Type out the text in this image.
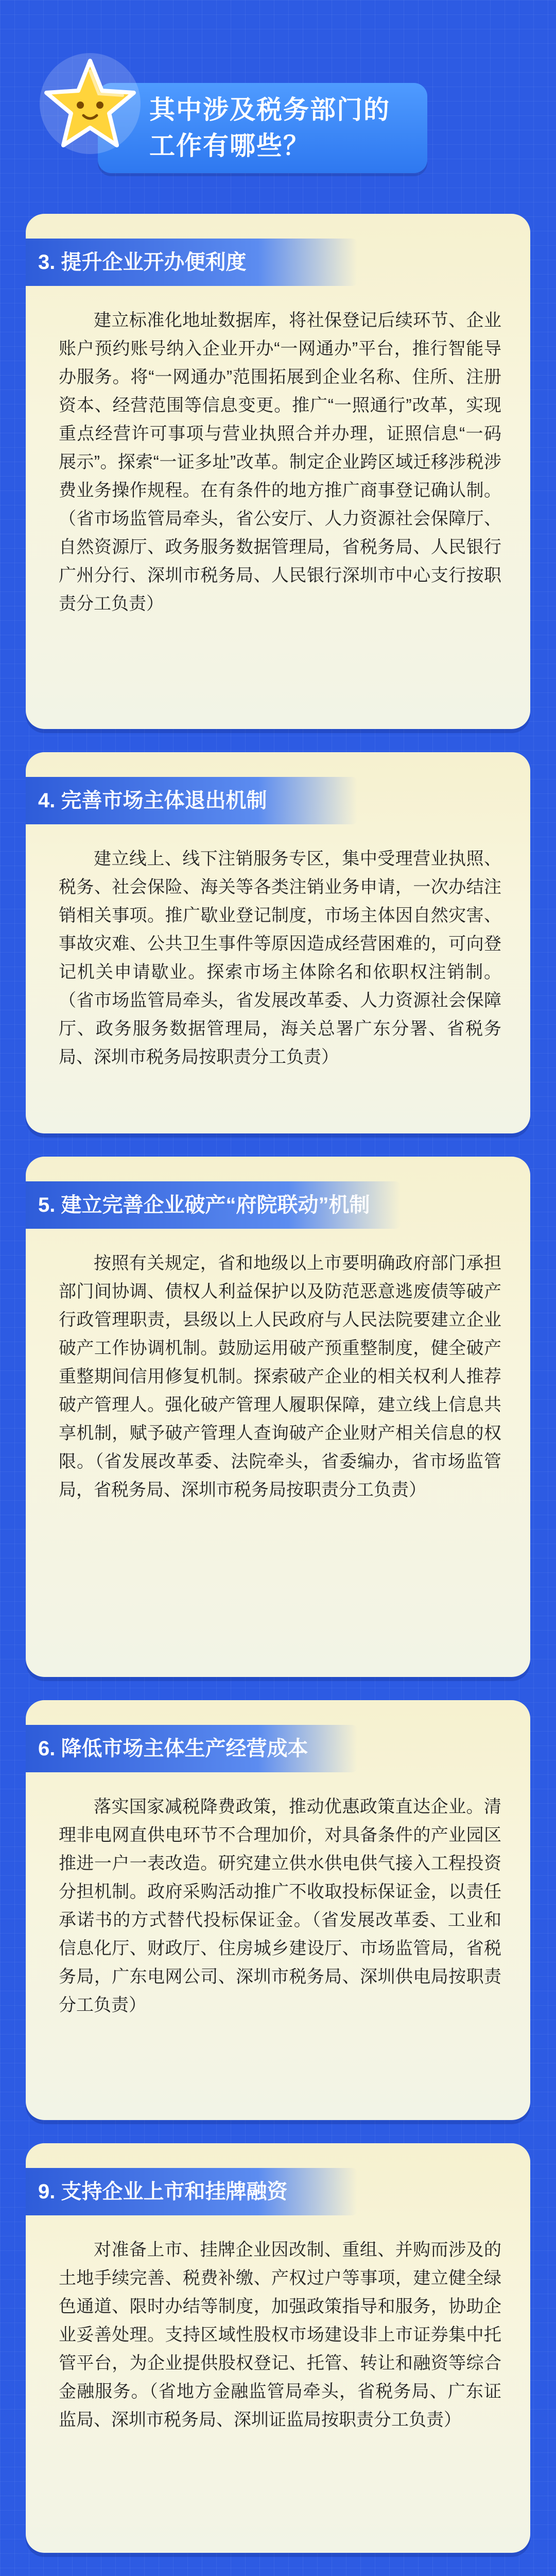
其中涉及税务部门的
工作有哪些？
3. 提升企业开办便利度
建立标准化地址数据库，将社保登记后续环节、企业账户预约账号纳入企业开办“一网通办”平台，推行智能导办服务。将“一网通办”范围拓展到企业名称、住所、注册资本、经营范围等信息变更。推广“一照通行”改革，实现重点经营许可事项与营业执照合并办理，证照信息“一码展示”。探索“一证多址”改革。制定企业跨区域迁移涉税涉费业务操作规程。在有条件的地方推广商事登记确认制。（省市场监管局牵头，省公安厅、人力资源社会保障厅、自然资源厅、政务服务数据管理局，省税务局、人民银行广州分行、深圳市税务局、人民银行深圳市中心支行按职责分工负责）
4. 完善市场主体退出机制
建立线上、线下注销服务专区，集中受理营业执照、税务、社会保险、海关等各类注销业务申请，一次办结注销相关事项。推广歇业登记制度，市场主体因自然灾害、事故灾难、公共卫生事件等原因造成经营困难的，可向登记机关申请歇业。探索市场主体除名和依职权注销制。（省市场监管局牵头，省发展改革委、人力资源社会保障厅、政务服务数据管理局，海关总署广东分署、省税务局、深圳市税务局按职责分工负责）
5. 建立完善企业破产“府院联动”机制
按照有关规定，省和地级以上市要明确政府部门承担部门间协调、债权人利益保护以及防范恶意逃废债等破产行政管理职责，县级以上人民政府与人民法院要建立企业破产工作协调机制。鼓励运用破产预重整制度，健全破产重整期间信用修复机制。探索破产企业的相关权利人推荐破产管理人。强化破产管理人履职保障，建立线上信息共享机制，赋予破产管理人查询破产企业财产相关信息的权限。（省发展改革委、法院牵头，省委编办，省市场监管局，省税务局、深圳市税务局按职责分工负责）
6. 降低市场主体生产经营成本
落实国家减税降费政策，推动优惠政策直达企业。清理非电网直供电环节不合理加价，对具备条件的产业园区推进一户一表改造。研究建立供水供电供气接入工程投资分担机制。政府采购活动推广不收取投标保证金，以责任承诺书的方式替代投标保证金。（省发展改革委、工业和信息化厅、财政厅、住房城乡建设厅、市场监管局，省税务局，广东电网公司、深圳市税务局、深圳供电局按职责分工负责）
9. 支持企业上市和挂牌融资
对准备上市、挂牌企业因改制、重组、并购而涉及的土地手续完善、税费补缴、产权过户等事项，建立健全绿色通道、限时办结等制度，加强政策指导和服务，协助企业妥善处理。支持区域性股权市场建设非上市证券集中托管平台，为企业提供股权登记、托管、转让和融资等综合金融服务。（省地方金融监管局牵头，省税务局、广东证监局、深圳市税务局、深圳证监局按职责分工负责）
